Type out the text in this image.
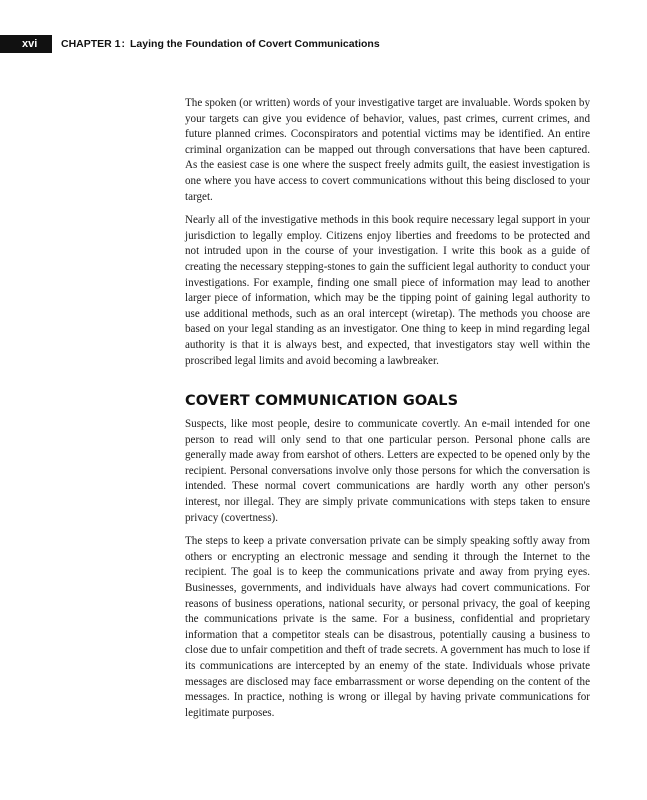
xvi	CHAPTER 1: Laying the Foundation of Covert Communications

The spoken (or written) words of your investigative target are invaluable. Words spoken by your targets can give you evidence of behavior, values, past crimes, current crimes, and future planned crimes. Coconspirators and potential victims may be identified. An entire criminal organization can be mapped out through conversations that have been captured. As the easiest case is one where the suspect freely admits guilt, the easiest investigation is one where you have access to covert communications without this being disclosed to your target.

Nearly all of the investigative methods in this book require necessary legal support in your jurisdiction to legally employ. Citizens enjoy liberties and freedoms to be protected and not intruded upon in the course of your investigation. I write this book as a guide of creating the necessary stepping-stones to gain the sufficient legal authority to conduct your investigations. For example, finding one small piece of information may lead to another larger piece of information, which may be the tipping point of gaining legal authority to use additional methods, such as an oral intercept (wiretap). The methods you choose are based on your legal standing as an investigator. One thing to keep in mind regarding legal authority is that it is always best, and expected, that investigators stay well within the proscribed legal limits and avoid becoming a lawbreaker.

COVERT COMMUNICATION GOALS

Suspects, like most people, desire to communicate covertly. An e-mail intended for one person to read will only send to that one particular person. Personal phone calls are generally made away from earshot of others. Letters are expected to be opened only by the recipient. Personal conversations involve only those persons for which the conversation is intended. These normal covert communications are hardly worth any other person's interest, nor illegal. They are simply private communications with steps taken to ensure privacy (covertness).

The steps to keep a private conversation private can be simply speaking softly away from others or encrypting an electronic message and sending it through the Internet to the recipient. The goal is to keep the communications private and away from prying eyes. Businesses, governments, and individuals have always had covert communications. For reasons of business operations, national security, or personal privacy, the goal of keeping the communications private is the same. For a business, confidential and proprietary information that a competitor steals can be disastrous, potentially causing a business to close due to unfair competition and theft of trade secrets. A government has much to lose if its communications are intercepted by an enemy of the state. Individuals whose private messages are disclosed may face embarrassment or worse depending on the content of the messages. In practice, nothing is wrong or illegal by having private communications for legitimate purposes.
